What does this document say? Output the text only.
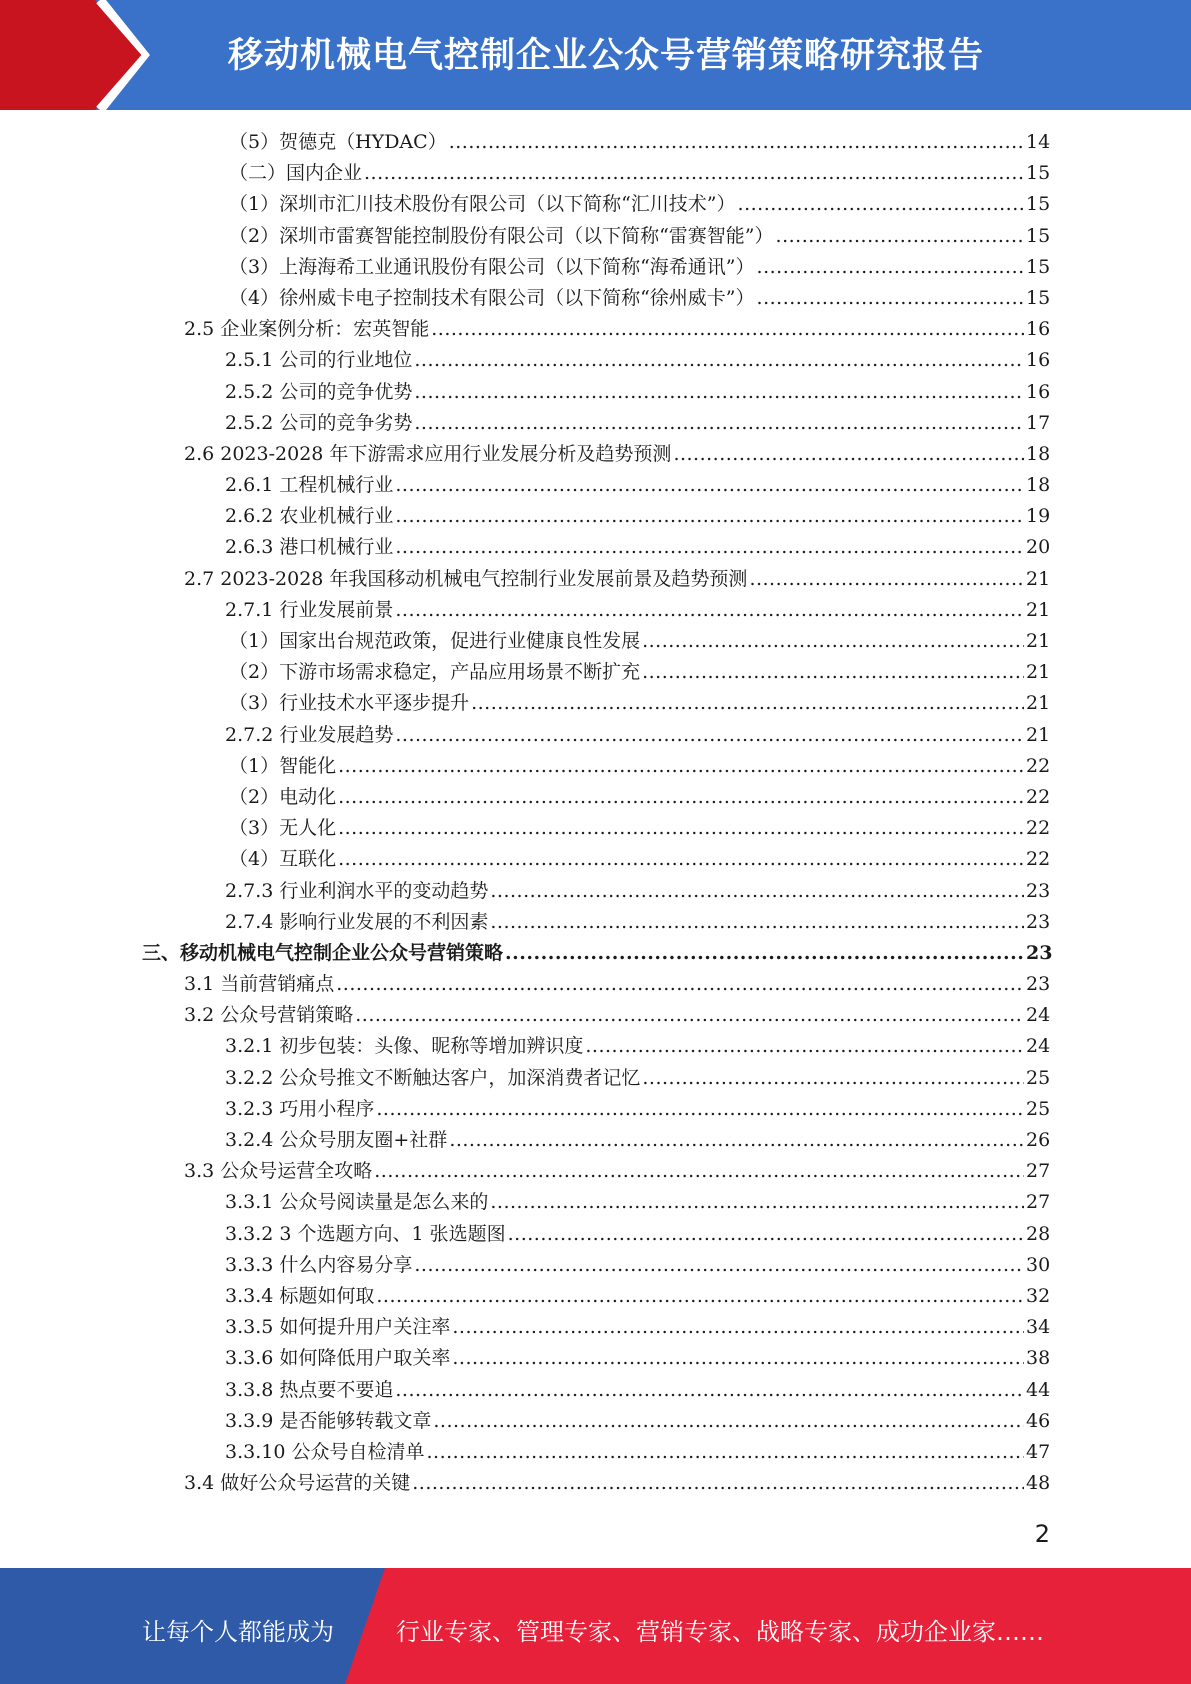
移动机械电气控制企业公众号营销策略研究报告
（5）贺德克（HYDAC） .....	14
（二）国内企业 .....	15
（1）深圳市汇川技术股份有限公司（以下简称“汇川技术”） .....	15
（2）深圳市雷赛智能控制股份有限公司（以下简称“雷赛智能”） .....	15
（3）上海海希工业通讯股份有限公司（以下简称“海希通讯”） .....	15
（4）徐州威卡电子控制技术有限公司（以下简称“徐州威卡”） .....	15
2.5 企业案例分析：宏英智能 .....	16
2.5.1 公司的行业地位 .....	16
2.5.2 公司的竞争优势 .....	16
2.5.2 公司的竞争劣势 .....	17
2.6 2023-2028 年下游需求应用行业发展分析及趋势预测 .....	18
2.6.1 工程机械行业 .....	18
2.6.2 农业机械行业 .....	19
2.6.3 港口机械行业 .....	20
2.7 2023-2028 年我国移动机械电气控制行业发展前景及趋势预测 .....	21
2.7.1 行业发展前景 .....	21
（1）国家出台规范政策，促进行业健康良性发展 .....	21
（2）下游市场需求稳定，产品应用场景不断扩充 .....	21
（3）行业技术水平逐步提升 .....	21
2.7.2 行业发展趋势 .....	21
（1）智能化 .....	22
（2）电动化 .....	22
（3）无人化 .....	22
（4）互联化 .....	22
2.7.3 行业利润水平的变动趋势 .....	23
2.7.4 影响行业发展的不利因素 .....	23
三、移动机械电气控制企业公众号营销策略 .....	23
3.1 当前营销痛点 .....	23
3.2 公众号营销策略 .....	24
3.2.1 初步包装：头像、昵称等增加辨识度 .....	24
3.2.2 公众号推文不断触达客户，加深消费者记忆 .....	25
3.2.3 巧用小程序 .....	25
3.2.4 公众号朋友圈+社群 .....	26
3.3 公众号运营全攻略 .....	27
3.3.1 公众号阅读量是怎么来的 .....	27
3.3.2 3 个选题方向、1 张选题图 .....	28
3.3.3 什么内容易分享 .....	30
3.3.4 标题如何取 .....	32
3.3.5 如何提升用户关注率 .....	34
3.3.6 如何降低用户取关率 .....	38
3.3.8 热点要不要追 .....	44
3.3.9 是否能够转载文章 .....	46
3.3.10 公众号自检清单 .....	47
3.4 做好公众号运营的关键 .....	48
2
让每个人都能成为	行业专家、管理专家、营销专家、战略专家、成功企业家……
